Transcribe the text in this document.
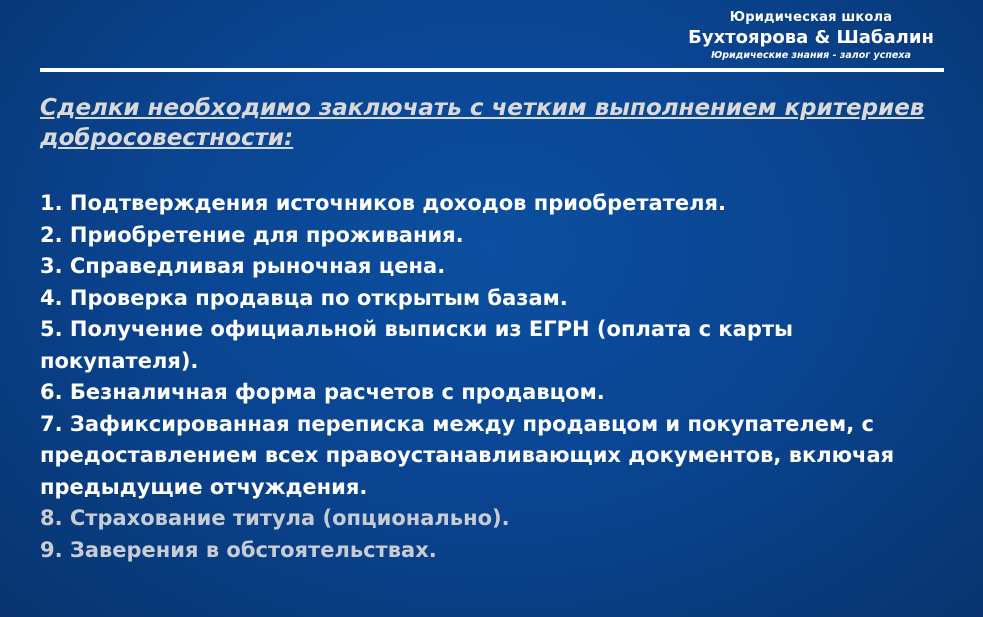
Юридическая школа
Бухтоярова & Шабалин
Юридические знания - залог успеха
Сделки необходимо заключать с четким выполнением критериев добросовестности:
1. Подтверждения источников доходов приобретателя.
2. Приобретение для проживания.
3. Справедливая рыночная цена.
4. Проверка продавца по открытым базам.
5. Получение официальной выписки из ЕГРН (оплата с карты покупателя).
6. Безналичная форма расчетов с продавцом.
7. Зафиксированная переписка между продавцом и покупателем, с предоставлением всех правоустанавливающих документов, включая  предыдущие отчуждения.
8. Страхование титула (опционально).
9. Заверения в обстоятельствах.
